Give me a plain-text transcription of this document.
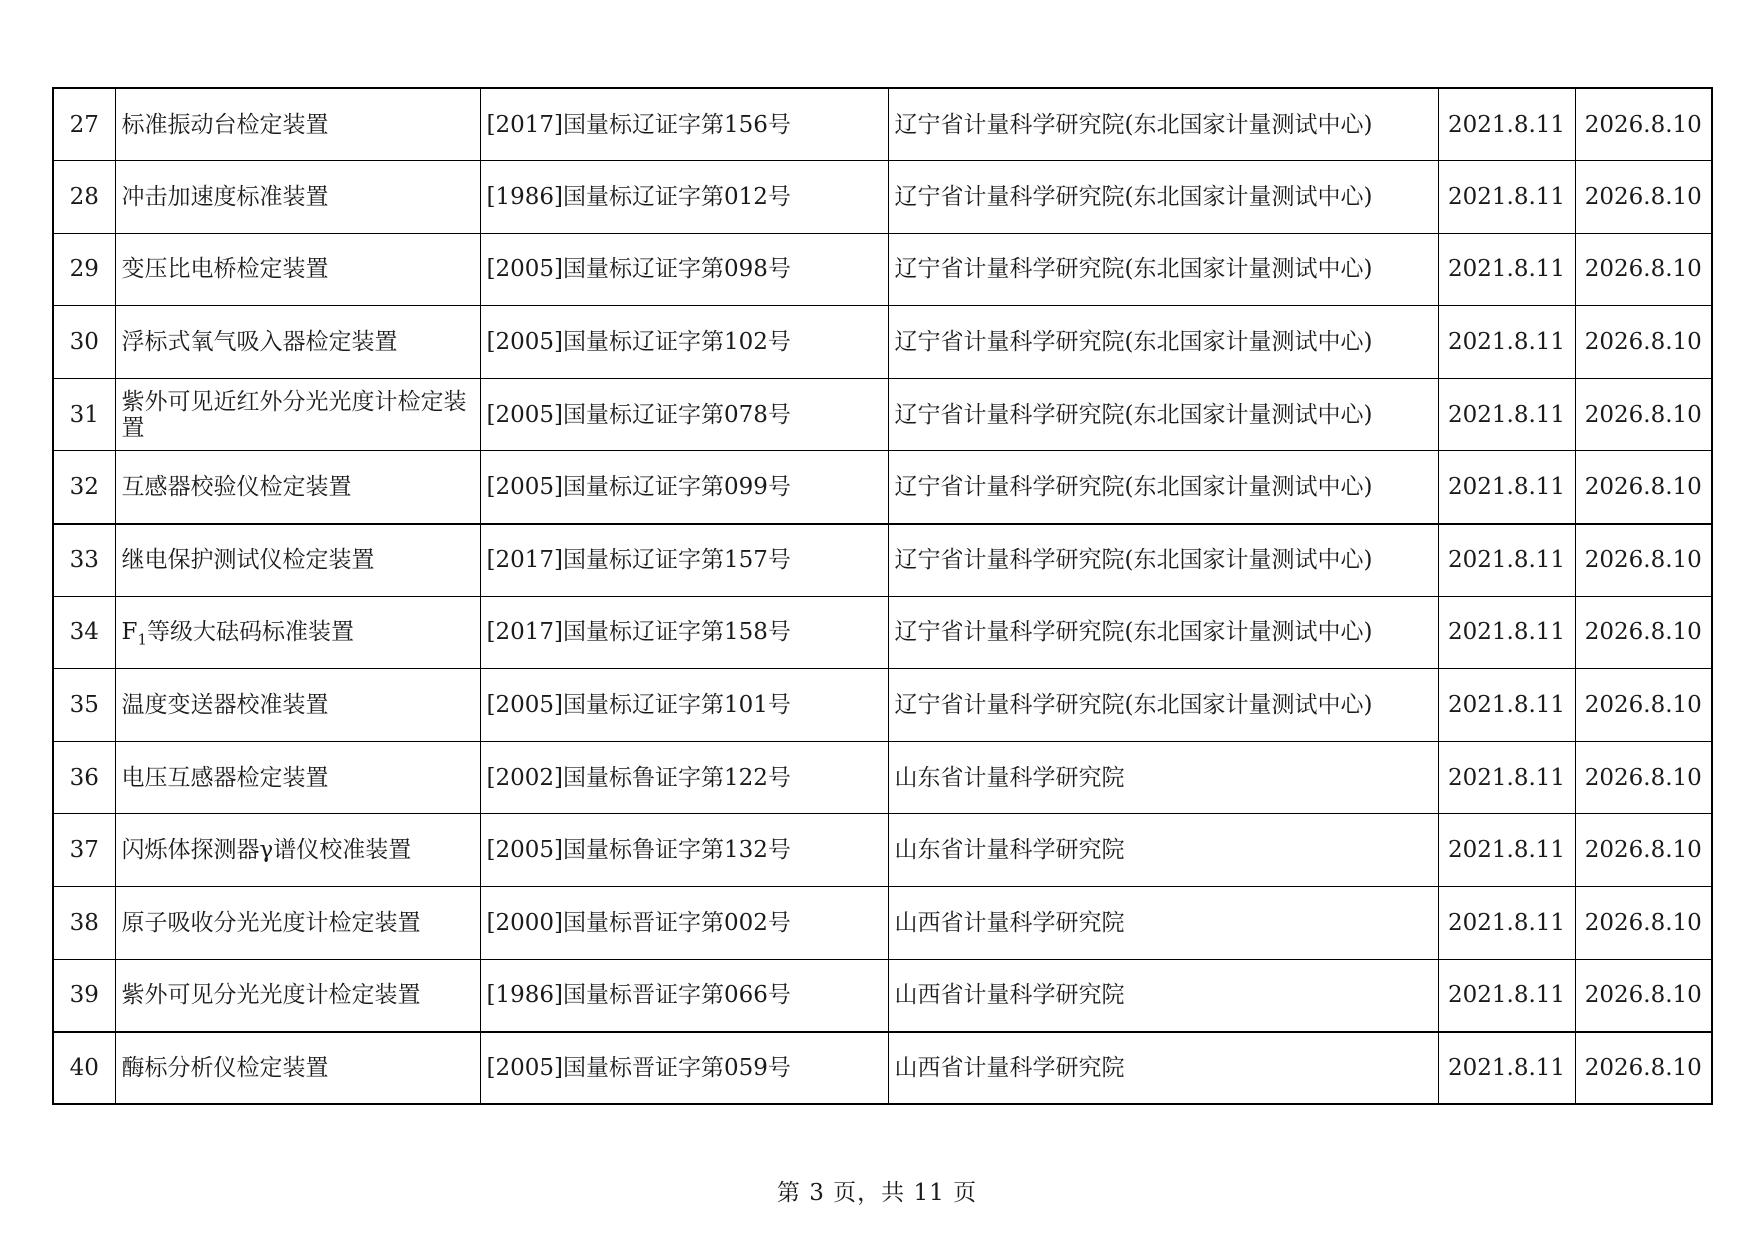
27	标准振动台检定装置	[2017]国量标辽证字第156号	辽宁省计量科学研究院(东北国家计量测试中心)	2021.8.11	2026.8.10
28	冲击加速度标准装置	[1986]国量标辽证字第012号	辽宁省计量科学研究院(东北国家计量测试中心)	2021.8.11	2026.8.10
29	变压比电桥检定装置	[2005]国量标辽证字第098号	辽宁省计量科学研究院(东北国家计量测试中心)	2021.8.11	2026.8.10
30	浮标式氧气吸入器检定装置	[2005]国量标辽证字第102号	辽宁省计量科学研究院(东北国家计量测试中心)	2021.8.11	2026.8.10
31	紫外可见近红外分光光度计检定装置	[2005]国量标辽证字第078号	辽宁省计量科学研究院(东北国家计量测试中心)	2021.8.11	2026.8.10
32	互感器校验仪检定装置	[2005]国量标辽证字第099号	辽宁省计量科学研究院(东北国家计量测试中心)	2021.8.11	2026.8.10
33	继电保护测试仪检定装置	[2017]国量标辽证字第157号	辽宁省计量科学研究院(东北国家计量测试中心)	2021.8.11	2026.8.10
34	$F_1$等级大砝码标准装置	[2017]国量标辽证字第158号	辽宁省计量科学研究院(东北国家计量测试中心)	2021.8.11	2026.8.10
35	温度变送器校准装置	[2005]国量标辽证字第101号	辽宁省计量科学研究院(东北国家计量测试中心)	2021.8.11	2026.8.10
36	电压互感器检定装置	[2002]国量标鲁证字第122号	山东省计量科学研究院	2021.8.11	2026.8.10
37	闪烁体探测器γ谱仪校准装置	[2005]国量标鲁证字第132号	山东省计量科学研究院	2021.8.11	2026.8.10
38	原子吸收分光光度计检定装置	[2000]国量标晋证字第002号	山西省计量科学研究院	2021.8.11	2026.8.10
39	紫外可见分光光度计检定装置	[1986]国量标晋证字第066号	山西省计量科学研究院	2021.8.11	2026.8.10
40	酶标分析仪检定装置	[2005]国量标晋证字第059号	山西省计量科学研究院	2021.8.11	2026.8.10
第 3 页，共 11 页
